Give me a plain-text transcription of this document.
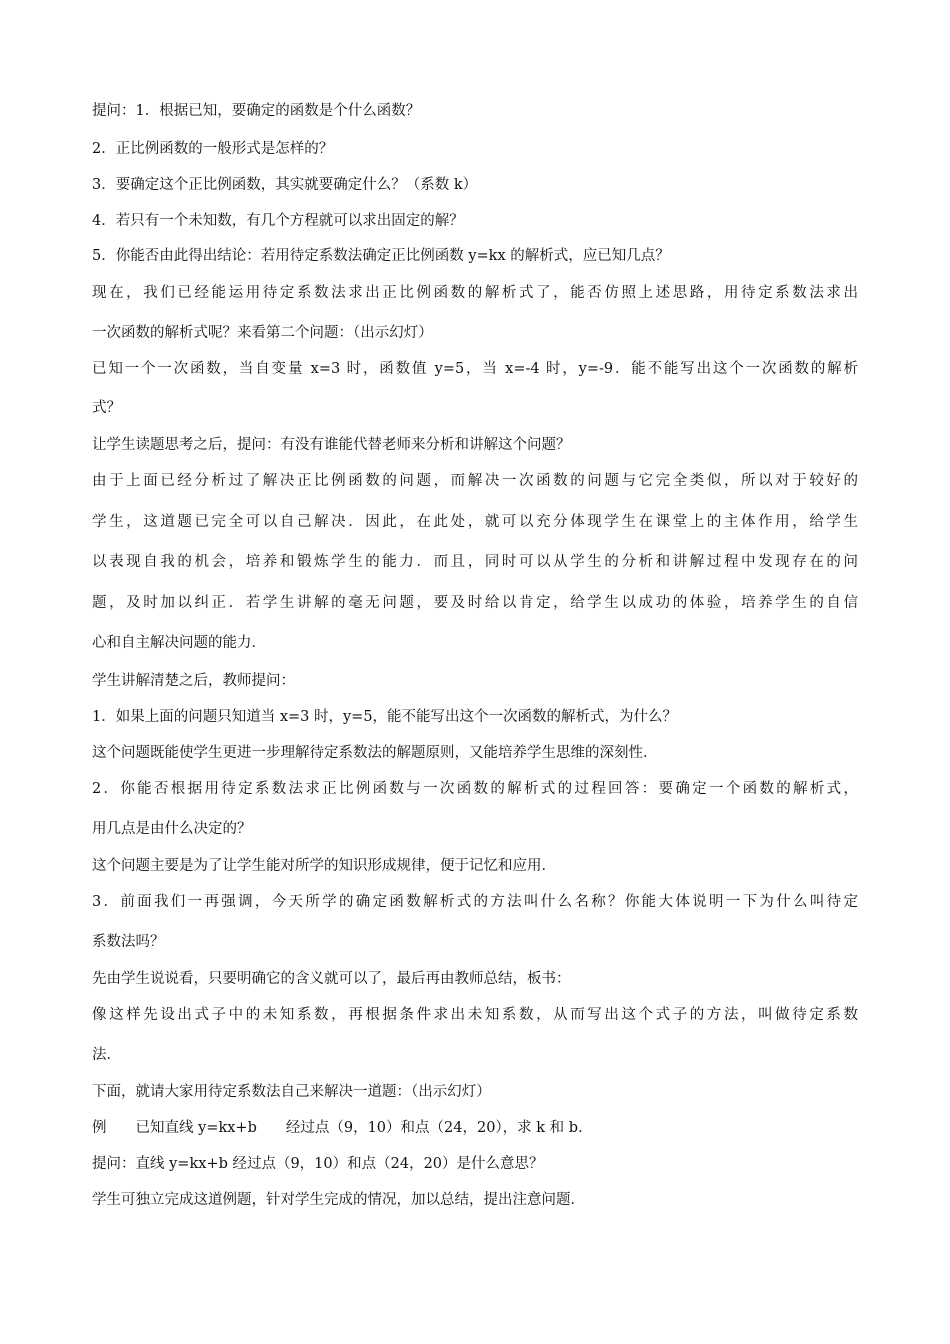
提问：1．根据已知，要确定的函数是个什么函数？
2．正比例函数的一般形式是怎样的？
3．要确定这个正比例函数，其实就要确定什么？（系数 k）
4．若只有一个未知数，有几个方程就可以求出固定的解？
5．你能否由此得出结论：若用待定系数法确定正比例函数 y=kx 的解析式，应已知几点？
现在，我们已经能运用待定系数法求出正比例函数的解析式了，能否仿照上述思路，用待定系数法求出
一次函数的解析式呢？来看第二个问题：（出示幻灯）
已知一个一次函数，当自变量 x=3 时，函数值 y=5，当 x=-4 时，y=-9．能不能写出这个一次函数的解析
式？
让学生读题思考之后，提问：有没有谁能代替老师来分析和讲解这个问题？
由于上面已经分析过了解决正比例函数的问题，而解决一次函数的问题与它完全类似，所以对于较好的
学生，这道题已完全可以自己解决．因此，在此处，就可以充分体现学生在课堂上的主体作用，给学生
以表现自我的机会，培养和锻炼学生的能力．而且，同时可以从学生的分析和讲解过程中发现存在的问
题，及时加以纠正．若学生讲解的毫无问题，要及时给以肯定，给学生以成功的体验，培养学生的自信
心和自主解决问题的能力．
学生讲解清楚之后，教师提问：
1．如果上面的问题只知道当 x=3 时，y=5，能不能写出这个一次函数的解析式，为什么？
这个问题既能使学生更进一步理解待定系数法的解题原则，又能培养学生思维的深刻性．
2．你能否根据用待定系数法求正比例函数与一次函数的解析式的过程回答：要确定一个函数的解析式，
用几点是由什么决定的？
这个问题主要是为了让学生能对所学的知识形成规律，便于记忆和应用．
3．前面我们一再强调，今天所学的确定函数解析式的方法叫什么名称？你能大体说明一下为什么叫待定
系数法吗？
先由学生说说看，只要明确它的含义就可以了，最后再由教师总结，板书：
像这样先设出式子中的未知系数，再根据条件求出未知系数，从而写出这个式子的方法，叫做待定系数
法．
下面，就请大家用待定系数法自己来解决一道题：（出示幻灯）
例　　已知直线 y=kx+b　　经过点（9，10）和点（24，20），求 k 和 b．
提问：直线 y=kx+b 经过点（9，10）和点（24，20）是什么意思？
学生可独立完成这道例题，针对学生完成的情况，加以总结，提出注意问题．
